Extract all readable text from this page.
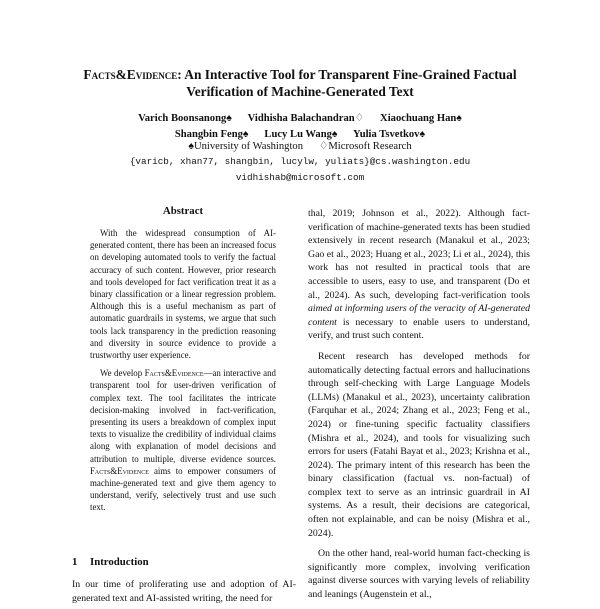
Facts&Evidence: An Interactive Tool for Transparent Fine-Grained Factual Verification of Machine-Generated Text
Varich Boonsanong♠      Vidhisha Balachandran♢      Xiaochuang Han♠
Shangbin Feng♠      Lucy Lu Wang♠      Yulia Tsvetkov♠
♠University of Washington      ♢Microsoft Research
{varicb, xhan77, shangbin, lucylw, yuliats}@cs.washington.edu
vidhishab@microsoft.com
Abstract

With the widespread consumption of AI-generated content, there has been an increased focus on developing automated tools to verify the factual accuracy of such content. However, prior research and tools developed for fact verification treat it as a binary classification or a linear regression problem. Although this is a useful mechanism as part of automatic guardrails in systems, we argue that such tools lack transparency in the prediction reasoning and diversity in source evidence to provide a trustworthy user experience.

We develop Facts&Evidence—an interactive and transparent tool for user-driven verification of complex text. The tool facilitates the intricate decision-making involved in fact-verification, presenting its users a breakdown of complex input texts to visualize the credibility of individual claims along with explanation of model decisions and attribution to multiple, diverse evidence sources. Facts&Evidence aims to empower consumers of machine-generated text and give them agency to understand, verify, selectively trust and use such text.

1 Introduction

In our time of proliferating use and adoption of AI-generated text and AI-assisted writing, the need for

thal, 2019; Johnson et al., 2022). Although fact-verification of machine-generated texts has been studied extensively in recent research (Manakul et al., 2023; Gao et al., 2023; Huang et al., 2023; Li et al., 2024), this work has not resulted in practical tools that are accessible to users, easy to use, and transparent (Do et al., 2024). As such, developing fact-verification tools aimed at informing users of the veracity of AI-generated content is necessary to enable users to understand, verify, and trust such content.

Recent research has developed methods for automatically detecting factual errors and hallucinations through self-checking with Large Language Models (LLMs) (Manakul et al., 2023), uncertainty calibration (Farquhar et al., 2024; Zhang et al., 2023; Feng et al., 2024) or fine-tuning specific factuality classifiers (Mishra et al., 2024), and tools for visualizing such errors for users (Fatahi Bayat et al., 2023; Krishna et al., 2024). The primary intent of this research has been the binary classification (factual vs. non-factual) of complex text to serve as an intrinsic guardrail in AI systems. As a result, their decisions are categorical, often not explainable, and can be noisy (Mishra et al., 2024).

On the other hand, real-world human fact-checking is significantly more complex, involving verification against diverse sources with varying levels of reliability and leanings (Augenstein et al.,
